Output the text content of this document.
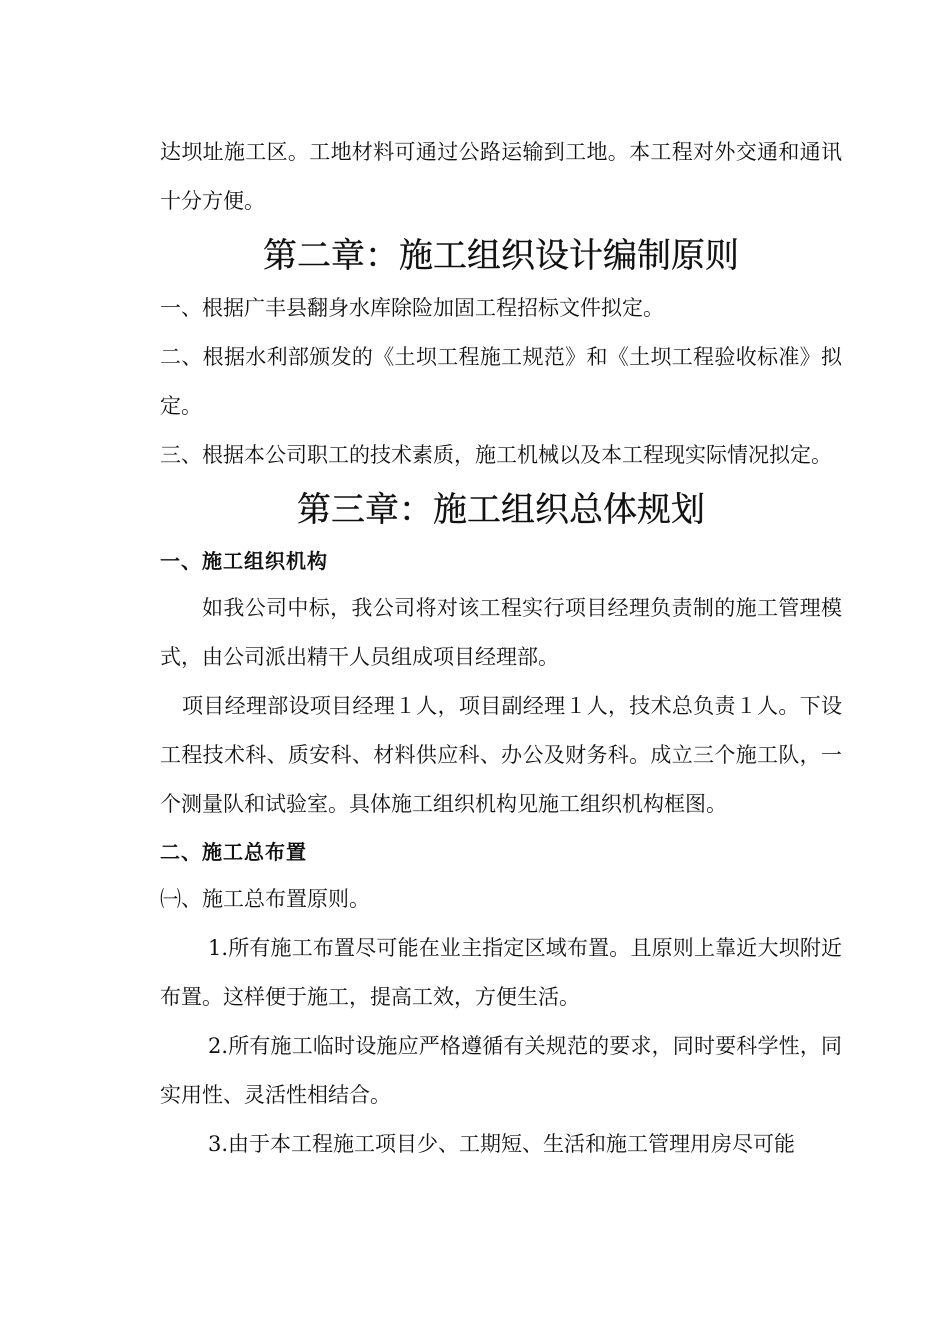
达坝址施工区。工地材料可通过公路运输到工地。本工程对外交通和通讯十分方便。

第二章：施工组织设计编制原则

一、根据广丰县翻身水库除险加固工程招标文件拟定。

二、根据水利部颁发的《土坝工程施工规范》和《土坝工程验收标准》拟定。

三、根据本公司职工的技术素质，施工机械以及本工程现实际情况拟定。

第三章：施工组织总体规划
一、施工组织机构

如我公司中标，我公司将对该工程实行项目经理负责制的施工管理模式，由公司派出精干人员组成项目经理部。

项目经理部设项目经理１人，项目副经理１人，技术总负责１人。下设工程技术科、质安科、材料供应科、办公及财务科。成立三个施工队，一个测量队和试验室。具体施工组织机构见施工组织机构框图。

二、施工总布置

㈠、施工总布置原则。

1.所有施工布置尽可能在业主指定区域布置。且原则上靠近大坝附近布置。这样便于施工，提高工效，方便生活。

2.所有施工临时设施应严格遵循有关规范的要求，同时要科学性，同实用性、灵活性相结合。

3.由于本工程施工项目少、工期短、生活和施工管理用房尽可能
